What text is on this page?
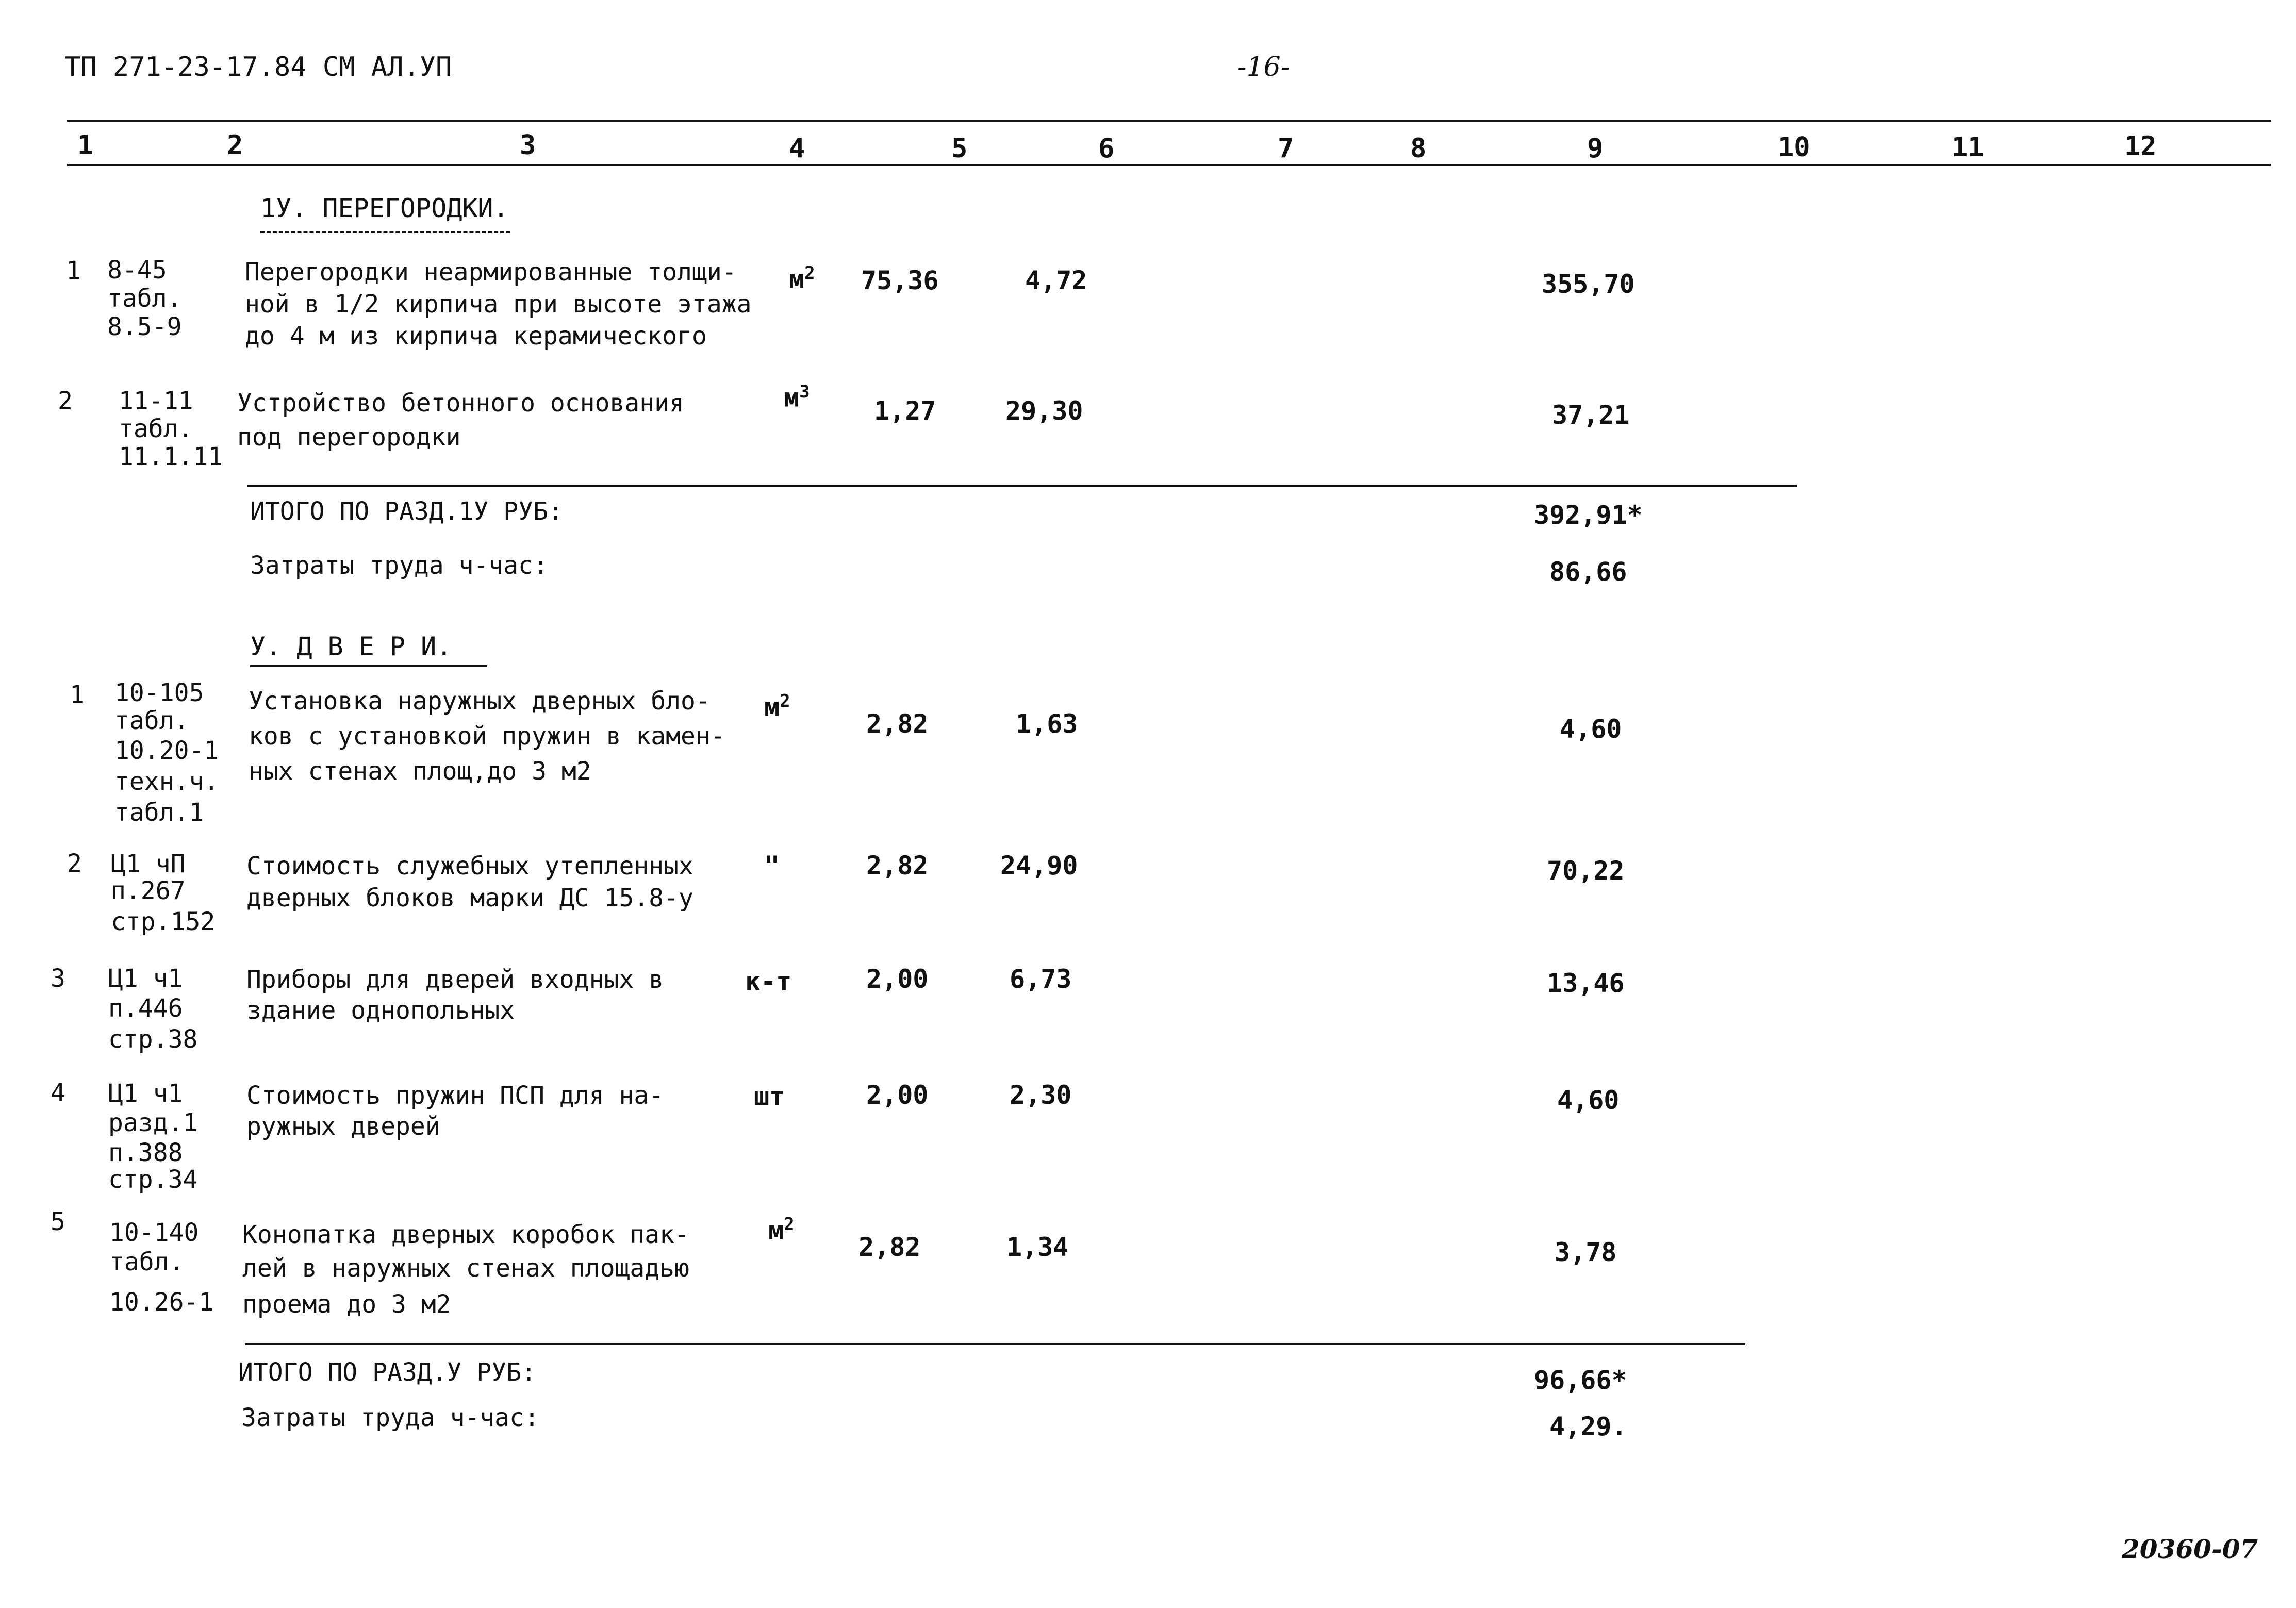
ТП 271-23-17.84 СМ АЛ.УП	-16-
1	2	3	4	5	6	7	8	9	10	11	12
1У. ПЕРЕГОРОДКИ.
1 8-45
табл.
8.5-9
Перегородки неармированные толщи-
ной в 1/2 кирпича при высоте этажа
до 4 м из кирпича керамического
$м^2$ 75,36	4,72	355,70
2 11-11
табл.
11.1.11
Устройство бетонного основания
под перегородки
$м^3$
1,27	29,30	37,21
ИТОГО ПО РАЗД.1У РУБ:	392,91*
Затраты труда ч-час:	86,66
У. Д В Е Р И.
1 10-105
табл.
10.20-1
техн.ч.
табл.1
Установка наружных дверных бло-
ков с установкой пружин в камен-
ных стенах площ,до 3 м2
$м^2$
2,82	1,63	4,60
2 Ц1 чП
п.267
стр.152
Стоимость служебных утепленных
дверных блоков марки ДС 15.8-у
"	2,82	24,90	70,22
3 Ц1 ч1
п.446
стр.38
Приборы для дверей входных в
здание однопольных
к-т	2,00	6,73	13,46
4 Ц1 ч1
разд.1
п.388
стр.34
Стоимость пружин ПСП для на-
ружных дверей
шт	2,00	2,30	4,60
5 10-140
табл.
10.26-1
Конопатка дверных коробок пак-
лей в наружных стенах площадью
проема до 3 м2
$м^2$
2,82	1,34	3,78
ИТОГО ПО РАЗД.У РУБ:	96,66*
Затраты труда ч-час:	4,29.
20360-07
